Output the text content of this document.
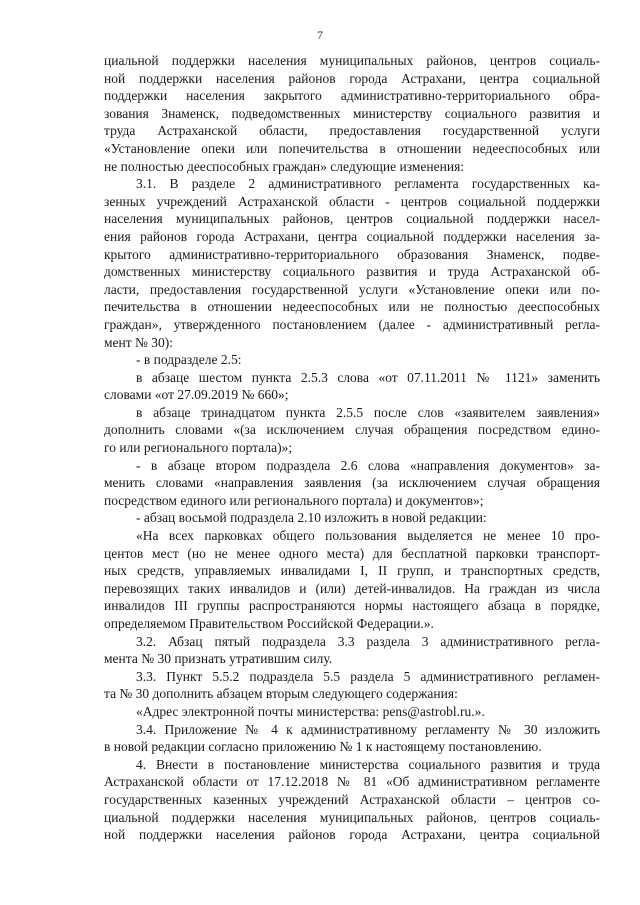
7
циальной поддержки населения муниципальных районов, центров социаль-
ной поддержки населения районов города Астрахани, центра социальной
поддержки населения закрытого административно-территориального обра-
зования Знаменск, подведомственных министерству социального развития и
труда Астраханской области, предоставления государственной услуги
«Установление опеки или попечительства в отношении недееспособных или
не полностью дееспособных граждан» следующие изменения:
3.1. В разделе 2 административного регламента государственных ка-
зенных учреждений Астраханской области - центров социальной поддержки
населения муниципальных районов, центров социальной поддержки насел-
ения районов города Астрахани, центра социальной поддержки населения за-
крытого административно-территориального образования Знаменск, подве-
домственных министерству социального развития и труда Астраханской об-
ласти, предоставления государственной услуги «Установление опеки или по-
печительства в отношении недееспособных или не полностью дееспособных
граждан», утвержденного постановлением (далее - административный регла-
мент № 30):
- в подразделе 2.5:
в абзаце шестом пункта 2.5.3 слова «от 07.11.2011 № 1121» заменить
словами «от 27.09.2019 № 660»;
в абзаце тринадцатом пункта 2.5.5 после слов «заявителем заявления»
дополнить словами «(за исключением случая обращения посредством едино-
го или регионального портала)»;
- в абзаце втором подраздела 2.6 слова «направления документов» за-
менить словами «направления заявления (за исключением случая обращения
посредством единого или регионального портала) и документов»;
- абзац восьмой подраздела 2.10 изложить в новой редакции:
«На всех парковках общего пользования выделяется не менее 10 про-
центов мест (но не менее одного места) для бесплатной парковки транспорт-
ных средств, управляемых инвалидами I, II групп, и транспортных средств,
перевозящих таких инвалидов и (или) детей-инвалидов. На граждан из числа
инвалидов III группы распространяются нормы настоящего абзаца в порядке,
определяемом Правительством Российской Федерации.».
3.2. Абзац пятый подраздела 3.3 раздела 3 административного регла-
мента № 30 признать утратившим силу.
3.3. Пункт 5.5.2 подраздела 5.5 раздела 5 административного регламен-
та № 30 дополнить абзацем вторым следующего содержания:
«Адрес электронной почты министерства: pens@astrobl.ru.».
3.4. Приложение № 4 к административному регламенту № 30 изложить
в новой редакции согласно приложению № 1 к настоящему постановлению.
4. Внести в постановление министерства социального развития и труда
Астраханской области от 17.12.2018 № 81 «Об административном регламенте
государственных казенных учреждений Астраханской области – центров со-
циальной поддержки населения муниципальных районов, центров социаль-
ной поддержки населения районов города Астрахани, центра социальной
